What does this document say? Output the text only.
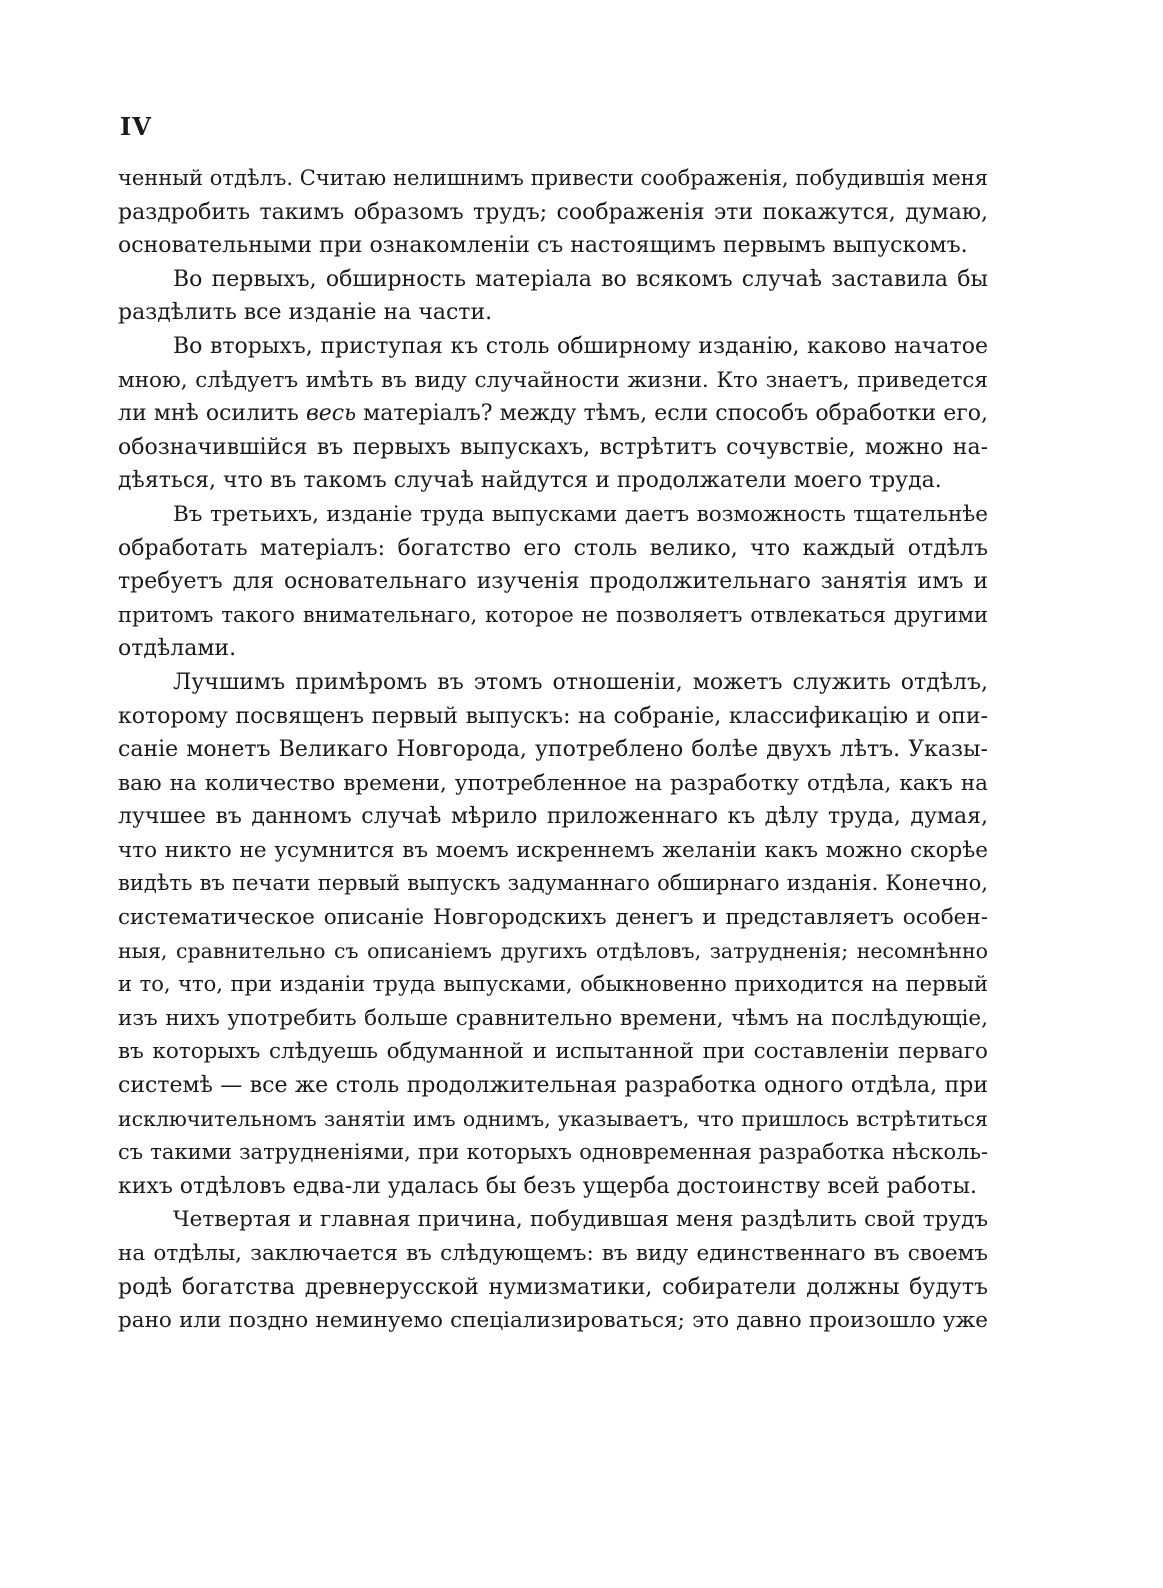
IV
ченный отдѣлъ. Считаю нелишнимъ привести соображенія, побудившія меня
раздробить такимъ образомъ трудъ; соображенія эти покажутся, думаю,
основательными при ознакомленіи съ настоящимъ первымъ выпускомъ.
Во первыхъ, обширность матеріала во всякомъ случаѣ заставила бы
раздѣлить все изданіе на части.
Во вторыхъ, приступая къ столь обширному изданію, каково начатое
мною, слѣдуетъ имѣть въ виду случайности жизни. Кто знаетъ, приведется
ли мнѣ осилить весь матеріалъ? между тѣмъ, если способъ обработки его,
обозначившійся въ первыхъ выпускахъ, встрѣтитъ сочувствіе, можно на-
дѣяться, что въ такомъ случаѣ найдутся и продолжатели моего труда.
Въ третьихъ, изданіе труда выпусками даетъ возможность тщательнѣе
обработать матеріалъ: богатство его столь велико, что каждый отдѣлъ
требуетъ для основательнаго изученія продолжительнаго занятія имъ и
притомъ такого внимательнаго, которое не позволяетъ отвлекаться другими
отдѣлами.
Лучшимъ примѣромъ въ этомъ отношеніи, можетъ служить отдѣлъ,
которому посвященъ первый выпускъ: на собраніе, классификацію и опи-
саніе монетъ Великаго Новгорода, употреблено болѣе двухъ лѣтъ. Указы-
ваю на количество времени, употребленное на разработку отдѣла, какъ на
лучшее въ данномъ случаѣ мѣрило приложеннаго къ дѣлу труда, думая,
что никто не усумнится въ моемъ искреннемъ желаніи какъ можно скорѣе
видѣть въ печати первый выпускъ задуманнаго обширнаго изданія. Конечно,
систематическое описаніе Новгородскихъ денегъ и представляетъ особен-
ныя, сравнительно съ описаніемъ другихъ отдѣловъ, затрудненія; несомнѣнно
и то, что, при изданіи труда выпусками, обыкновенно приходится на первый
изъ нихъ употребить больше сравнительно времени, чѣмъ на послѣдующіе,
въ которыхъ слѣдуешь обдуманной и испытанной при составленіи перваго
системѣ — все же столь продолжительная разработка одного отдѣла, при
исключительномъ занятіи имъ однимъ, указываетъ, что пришлось встрѣтиться
съ такими затрудненіями, при которыхъ одновременная разработка нѣсколь-
кихъ отдѣловъ едва-ли удалась бы безъ ущерба достоинству всей работы.
Четвертая и главная причина, побудившая меня раздѣлить свой трудъ
на отдѣлы, заключается въ слѣдующемъ: въ виду единственнаго въ своемъ
родѣ богатства древнерусской нумизматики, собиратели должны будутъ
рано или поздно неминуемо спеціализироваться; это давно произошло уже
